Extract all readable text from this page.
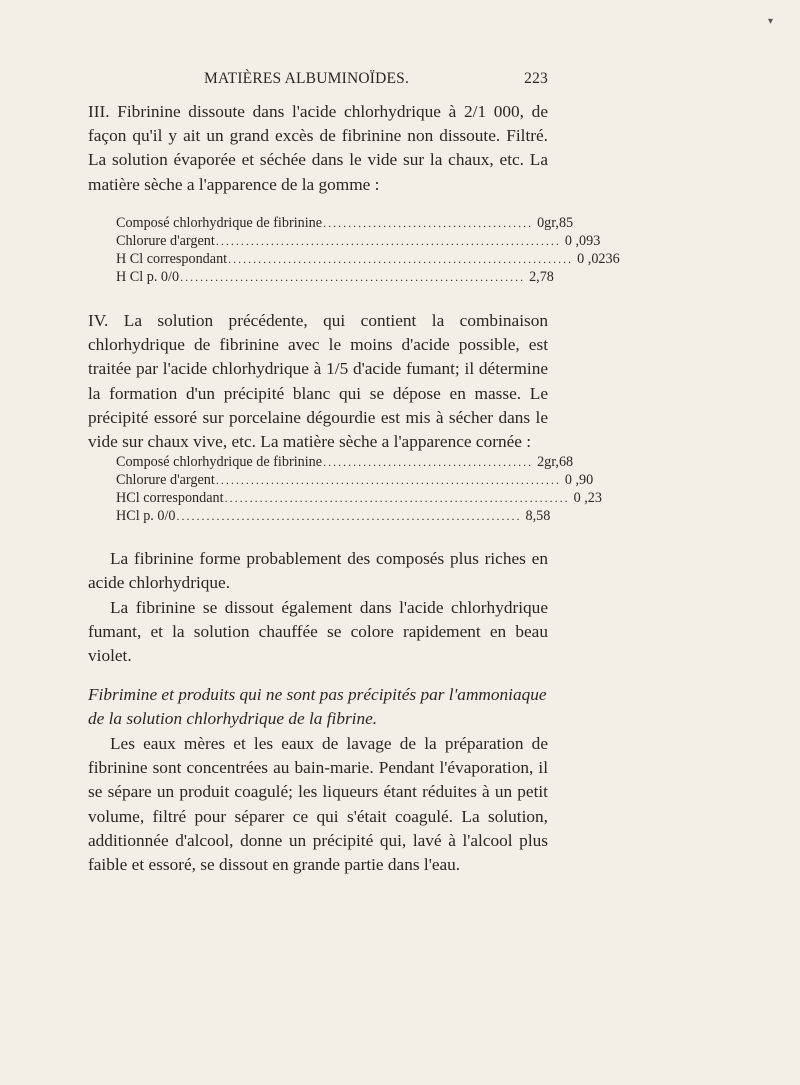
MATIÈRES ALBUMINOÏDES.	223
III. Fibrinine dissoute dans l'acide chlorhydrique à 2/1 000, de façon qu'il y ait un grand excès de fibrinine non dissoute. Filtré. La solution évaporée et séchée dans le vide sur la chaux, etc. La matière sèche a l'apparence de la gomme :
Composé chlorhydrique de fibrinine .......................................... 0gr,85
Chlorure d'argent ..................................................................... 0 ,093
H Cl correspondant ..................................................................... 0 ,0236
H Cl p. 0/0 ..................................................................... 2,78
IV. La solution précédente, qui contient la combinaison chlorhydrique de fibrinine avec le moins d'acide possible, est traitée par l'acide chlorhydrique à 1/5 d'acide fumant; il détermine la formation d'un précipité blanc qui se dépose en masse. Le précipité essoré sur porcelaine dégourdie est mis à sécher dans le vide sur chaux vive, etc. La matière sèche a l'apparence cornée :
Composé chlorhydrique de fibrinine .......................................... 2gr,68
Chlorure d'argent ..................................................................... 0 ,90
HCl correspondant ..................................................................... 0 ,23
HCl p. 0/0 ..................................................................... 8,58
La fibrinine forme probablement des composés plus riches en acide chlorhydrique.
La fibrinine se dissout également dans l'acide chlorhydrique fumant, et la solution chauffée se colore rapidement en beau violet.
Fibrimine et produits qui ne sont pas précipités par l'ammoniaque de la solution chlorhydrique de la fibrine.
Les eaux mères et les eaux de lavage de la préparation de fibrinine sont concentrées au bain-marie. Pendant l'évaporation, il se sépare un produit coagulé; les liqueurs étant réduites à un petit volume, filtré pour séparer ce qui s'était coagulé. La solution, additionnée d'alcool, donne un précipité qui, lavé à l'alcool plus faible et essoré, se dissout en grande partie dans l'eau.
▾
